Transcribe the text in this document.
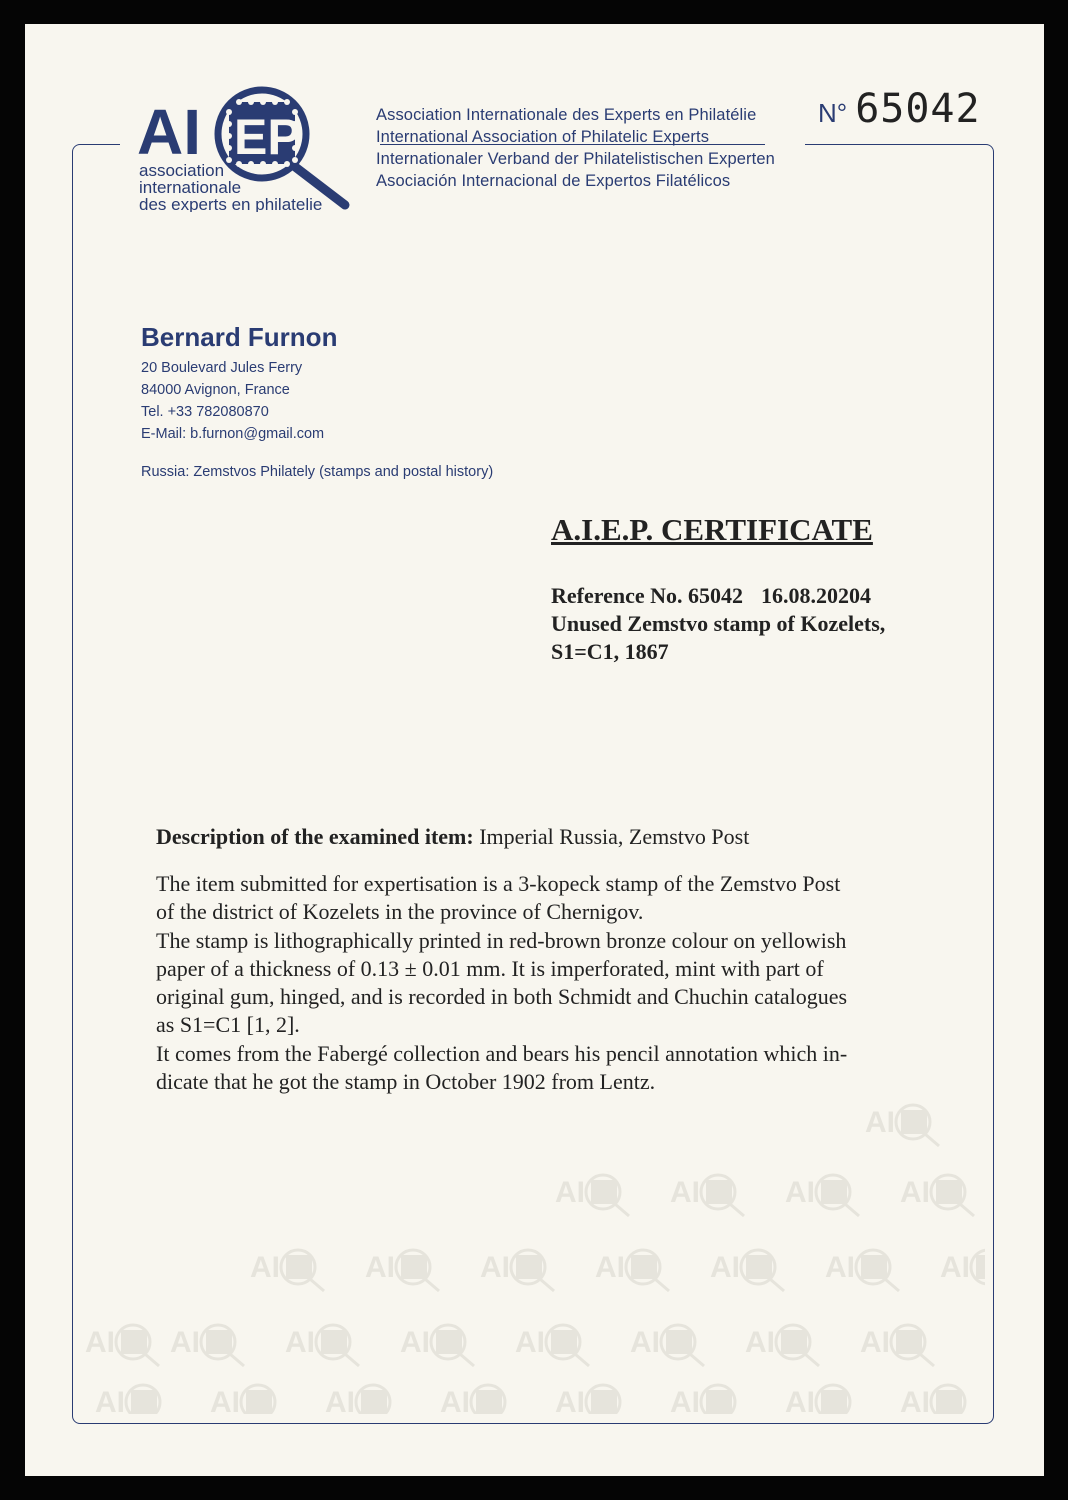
AI EP
association
internationale
des experts en philatelie
Association Internationale des Experts en Philatélie
International Association of Philatelic Experts
Internationaler Verband der Philatelistischen Experten
Asociación Internacional de Expertos Filatélicos
N° 65042
Bernard Furnon
20 Boulevard Jules Ferry
84000 Avignon, France
Tel. +33 782080870
E-Mail: b.furnon@gmail.com
Russia: Zemstvos Philately (stamps and postal history)
A.I.E.P. CERTIFICATE
Reference No. 65042 16.08.20204
Unused Zemstvo stamp of Kozelets,
S1=C1, 1867
Description of the examined item: Imperial Russia, Zemstvo Post
The item submitted for expertisation is a 3-kopeck stamp of the Zemstvo Post
of the district of Kozelets in the province of Chernigov.
The stamp is lithographically printed in red-brown bronze colour on yellowish
paper of a thickness of 0.13 ± 0.01 mm. It is imperforated, mint with part of
original gum, hinged, and is recorded in both Schmidt and Chuchin catalogues
as S1=C1 [1, 2].
It comes from the Fabergé collection and bears his pencil annotation which in-
dicate that he got the stamp in October 1902 from Lentz.
AI
